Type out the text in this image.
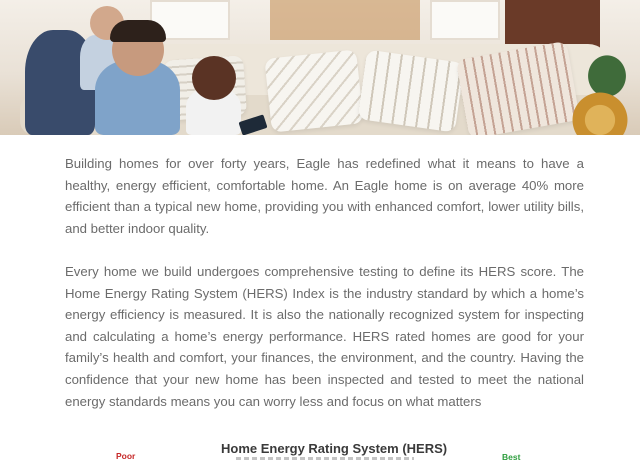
Building homes for over forty years, Eagle has redefined what it means to have a healthy, energy efficient, comfortable home. An Eagle home is on average 40% more efficient than a typical new home, providing you with enhanced comfort, lower utility bills, and better indoor quality.

Every home we build undergoes comprehensive testing to define its HERS score. The Home Energy Rating System (HERS) Index is the industry standard by which a home’s energy efficiency is measured. It is also the nationally recognized system for inspecting and calculating a home’s energy performance. HERS rated homes are good for your family’s health and comfort, your finances, the environment, and the country. Having the confidence that your new home has been inspected and tested to meet the national energy standards means you can worry less and focus on what matters

Poor	Home Energy Rating System (HERS)
Best
